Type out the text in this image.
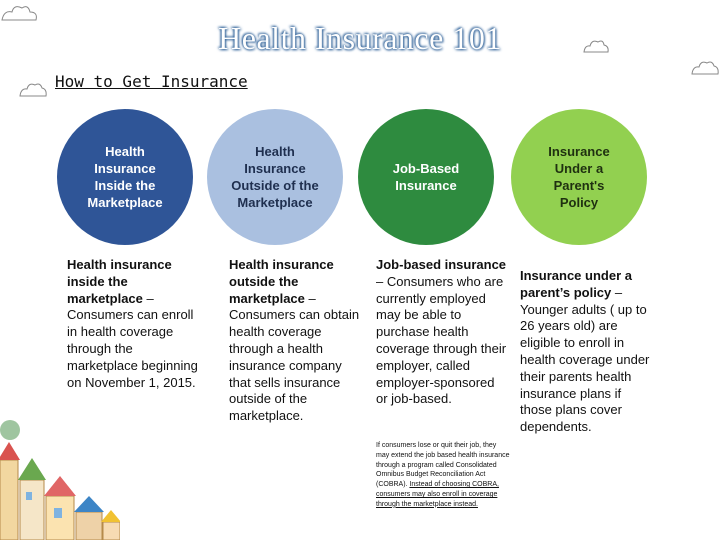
Health Insurance 101
How to Get Insurance
Health
Insurance
Inside the
Marketplace
Health
Insurance
Outside of the
Marketplace
Job-Based
Insurance
Insurance
Under a
Parent's
Policy
Health insurance inside the marketplace – Consumers can enroll in health coverage through the marketplace beginning on November 1, 2015.
Health insurance outside the marketplace – Consumers can obtain health coverage through a health insurance company that sells insurance outside of the marketplace.
Job-based insurance – Consumers who are currently employed may be able to purchase health coverage through their employer, called employer-sponsored or job-based.
Insurance under a parent’s policy – Younger adults ( up to 26 years old) are eligible to enroll in health coverage under their parents health insurance plans if those plans cover dependents.
If consumers lose or quit their job, they may extend the job based health insurance through a program called Consolidated Omnibus Budget Reconciliation Act (COBRA). Instead of choosing COBRA, consumers may also enroll in coverage through the marketplace instead.
